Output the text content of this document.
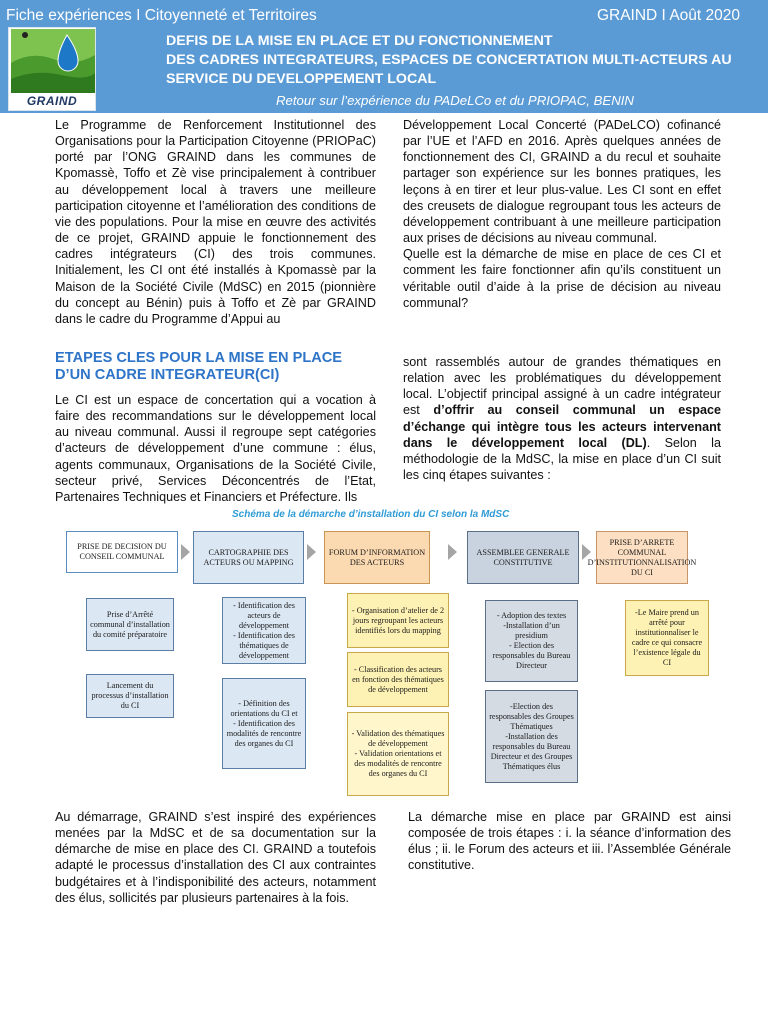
Fiche expériences I Citoyenneté et Territoires	GRAIND I Août 2020
GRAIND
DEFIS DE LA MISE EN PLACE ET DU FONCTIONNEMENT
DES CADRES INTEGRATEURS, ESPACES DE CONCERTATION MULTI-ACTEURS AU
SERVICE DU DEVELOPPEMENT LOCAL
Retour sur l’expérience du PADeLCo et du PRIOPAC, BENIN

Le Programme de Renforcement Institutionnel des Organisations pour la Participation Citoyenne (PRIOPaC) porté par l’ONG GRAIND dans les communes de Kpomassè, Toffo et Zè vise principalement à contribuer au développement local à travers une meilleure participation citoyenne et l’amélioration des conditions de vie des populations. Pour la mise en œuvre des activités de ce projet, GRAIND appuie le fonctionnement des cadres intégrateurs (CI) des trois communes. Initialement, les CI ont été installés à Kpomassè par la Maison de la Société Civile (MdSC) en 2015 (pionnière du concept au Bénin) puis à Toffo et Zè par GRAIND dans le cadre du Programme d’Appui au

Développement Local Concerté (PADeLCO) cofinancé par l’UE et l’AFD en 2016. Après quelques années de fonctionnement des CI, GRAIND a du recul et souhaite partager son expérience sur les bonnes pratiques, les leçons à en tirer et leur plus-value. Les CI sont en effet des creusets de dialogue regroupant tous les acteurs de développement contribuant à une meilleure participation aux prises de décisions au niveau communal.

Quelle est la démarche de mise en place de ces CI et comment les faire fonctionner afin qu’ils constituent un véritable outil d’aide à la prise de décision au niveau communal?

ETAPES CLES POUR LA MISE EN PLACE D’UN CADRE INTEGRATEUR(CI)

Le CI est un espace de concertation qui a vocation à faire des recommandations sur le développement local au niveau communal. Aussi il regroupe sept catégories d’acteurs de développement d’une commune : élus, agents communaux, Organisations de la Société Civile, secteur privé, Services Déconcentrés de l’Etat, Partenaires Techniques et Financiers et Préfecture. Ils

sont rassemblés autour de grandes thématiques en relation avec les problématiques du développement local. L’objectif principal assigné à un cadre intégrateur est d’offrir au conseil communal un espace d’échange qui intègre tous les acteurs intervenant dans le développement local (DL). Selon la méthodologie de la MdSC, la mise en place d’un CI suit les cinq étapes suivantes :

Schéma de la démarche d’installation du CI selon la MdSC
PRISE DE DECISION DU CONSEIL COMMUNAL
Prise d’Arrêté communal d’installation du comité préparatoire
Lancement du processus d’installation du CI
CARTOGRAPHIE DES ACTEURS OU MAPPING
- Identification des acteurs de développement
- Identification des thématiques de développement
- Définition des orientations du CI et
- Identification des modalités de rencontre des organes du CI
FORUM D’INFORMATION DES ACTEURS
- Organisation d’atelier de 2 jours regroupant les acteurs identifiés lors du mapping
- Classification des acteurs en fonction des thématiques de développement
- Validation des thématiques de développement
- Validation orientations et des modalités de rencontre des organes du CI
ASSEMBLEE GENERALE CONSTITUTIVE
- Adoption des textes
-Installation d’un presidium
- Election des responsables du Bureau Directeur
-Election des responsables des Groupes Thématiques
-Installation des responsables du Bureau Directeur et des Groupes Thématiques élus
PRISE D’ARRETE COMMUNAL D’INSTITUTIONNALISATION DU CI
-Le Maire prend un arrêté pour institutionnaliser le cadre ce qui consacre l’existence légale du CI

Au démarrage, GRAIND s’est inspiré des expériences menées par la MdSC et de sa documentation sur la démarche de mise en place des CI. GRAIND a toutefois adapté le processus d’installation des CI aux contraintes budgétaires et à l’indisponibilité des acteurs, notamment des élus, sollicités par plusieurs partenaires à la fois.

La démarche mise en place par GRAIND est ainsi composée de trois étapes : i. la séance d’information des élus ; ii. le Forum des acteurs et iii. l’Assemblée Générale constitutive.
